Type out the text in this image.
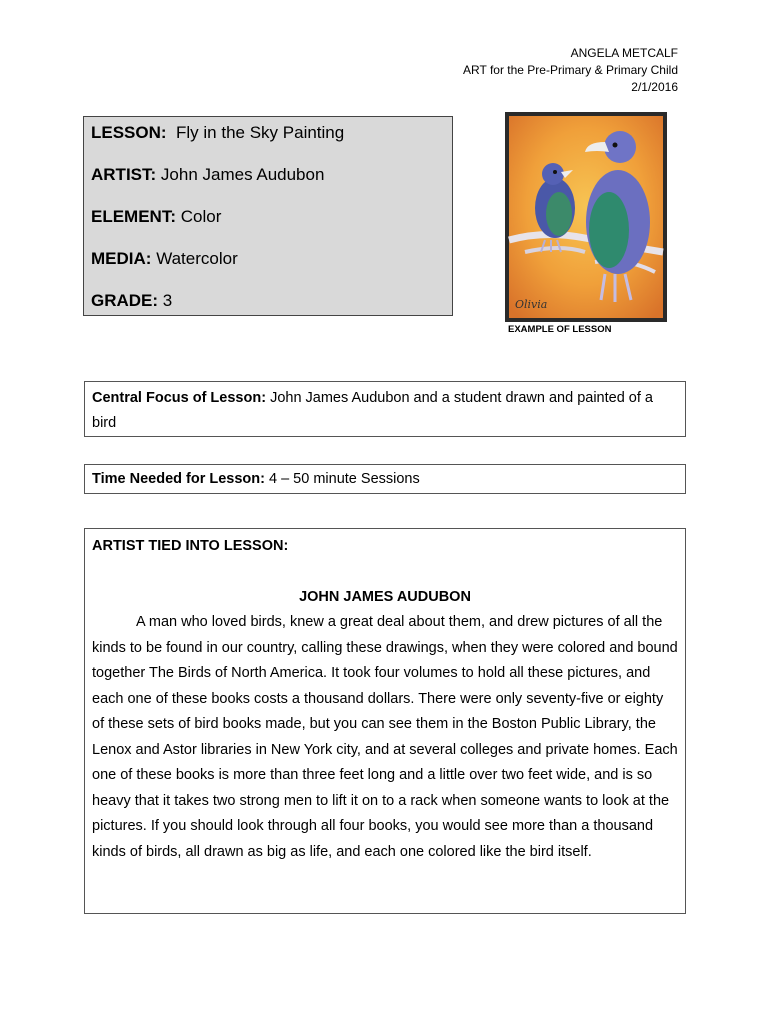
ANGELA METCALF
ART for the Pre-Primary & Primary Child
2/1/2016
LESSON: Fly in the Sky Painting
ARTIST: John James Audubon
ELEMENT: Color
MEDIA: Watercolor
GRADE: 3	Olivia
EXAMPLE OF LESSON
Central Focus of Lesson: John James Audubon and a student drawn and painted of a bird
Time Needed for Lesson: 4 – 50 minute Sessions
ARTIST TIED INTO LESSON:
JOHN JAMES AUDUBON
A man who loved birds, knew a great deal about them, and drew pictures of all the kinds to be found in our country, calling these drawings, when they were colored and bound together The Birds of North America. It took four volumes to hold all these pictures, and each one of these books costs a thousand dollars. There were only seventy-five or eighty of these sets of bird books made, but you can see them in the Boston Public Library, the Lenox and Astor libraries in New York city, and at several colleges and private homes. Each one of these books is more than three feet long and a little over two feet wide, and is so heavy that it takes two strong men to lift it on to a rack when someone wants to look at the pictures. If you should look through all four books, you would see more than a thousand kinds of birds, all drawn as big as life, and each one colored like the bird itself.
